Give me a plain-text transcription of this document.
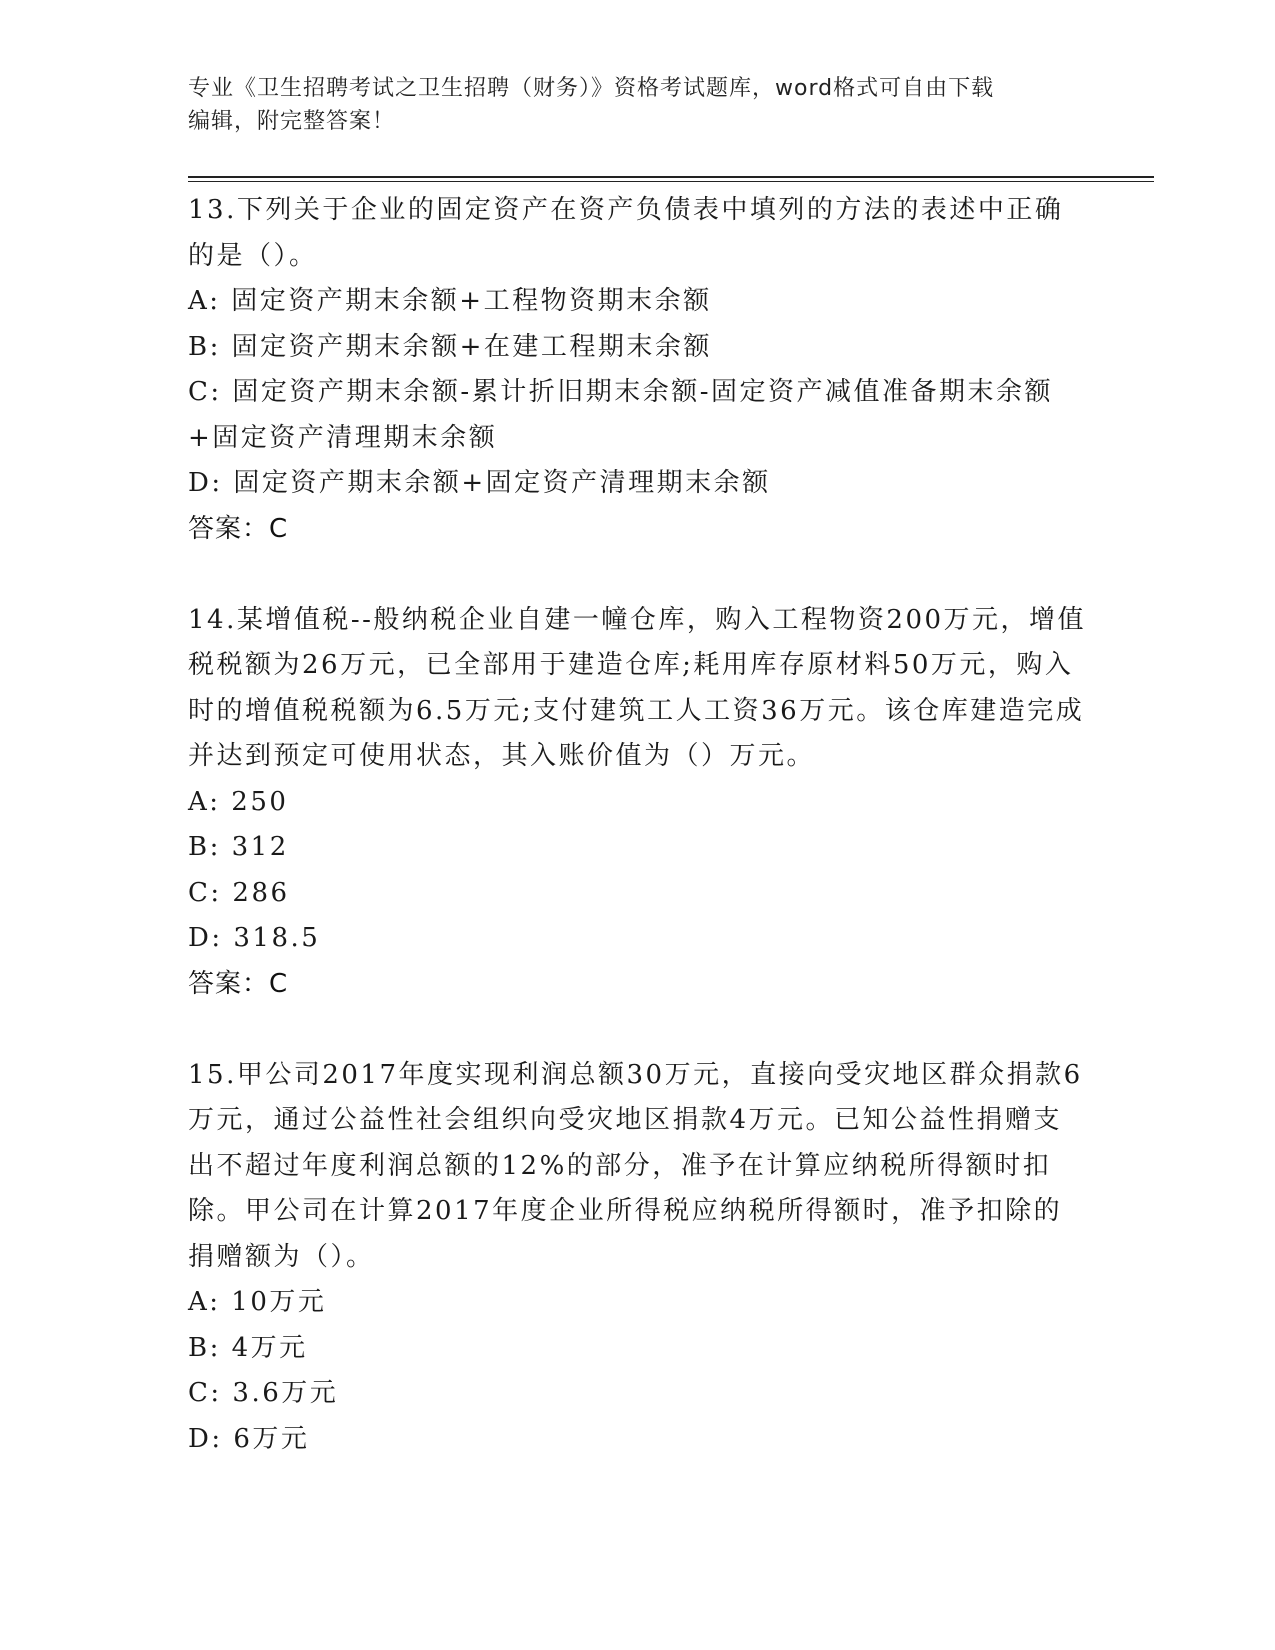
专业《卫生招聘考试之卫生招聘（财务）》资格考试题库，word格式可自由下载
编辑，附完整答案！
13.下列关于企业的固定资产在资产负债表中填列的方法的表述中正确的是（）。
A: 固定资产期末余额+工程物资期末余额
B: 固定资产期末余额+在建工程期末余额
C: 固定资产期末余额-累计折旧期末余额-固定资产减值准备期末余额+固定资产清理期末余额
D: 固定资产期末余额+固定资产清理期末余额
答案：C
14.某增值税--般纳税企业自建一幢仓库，购入工程物资200万元，增值税税额为26万元，已全部用于建造仓库;耗用库存原材料50万元，购入时的增值税税额为6.5万元;支付建筑工人工资36万元。该仓库建造完成并达到预定可使用状态，其入账价值为（）万元。
A: 250
B: 312
C: 286
D: 318.5
答案：C
15.甲公司2017年度实现利润总额30万元，直接向受灾地区群众捐款6万元，通过公益性社会组织向受灾地区捐款4万元。已知公益性捐赠支出不超过年度利润总额的12%的部分，准予在计算应纳税所得额时扣除。甲公司在计算2017年度企业所得税应纳税所得额时，准予扣除的捐赠额为（）。
A: 10万元
B: 4万元
C: 3.6万元
D: 6万元
